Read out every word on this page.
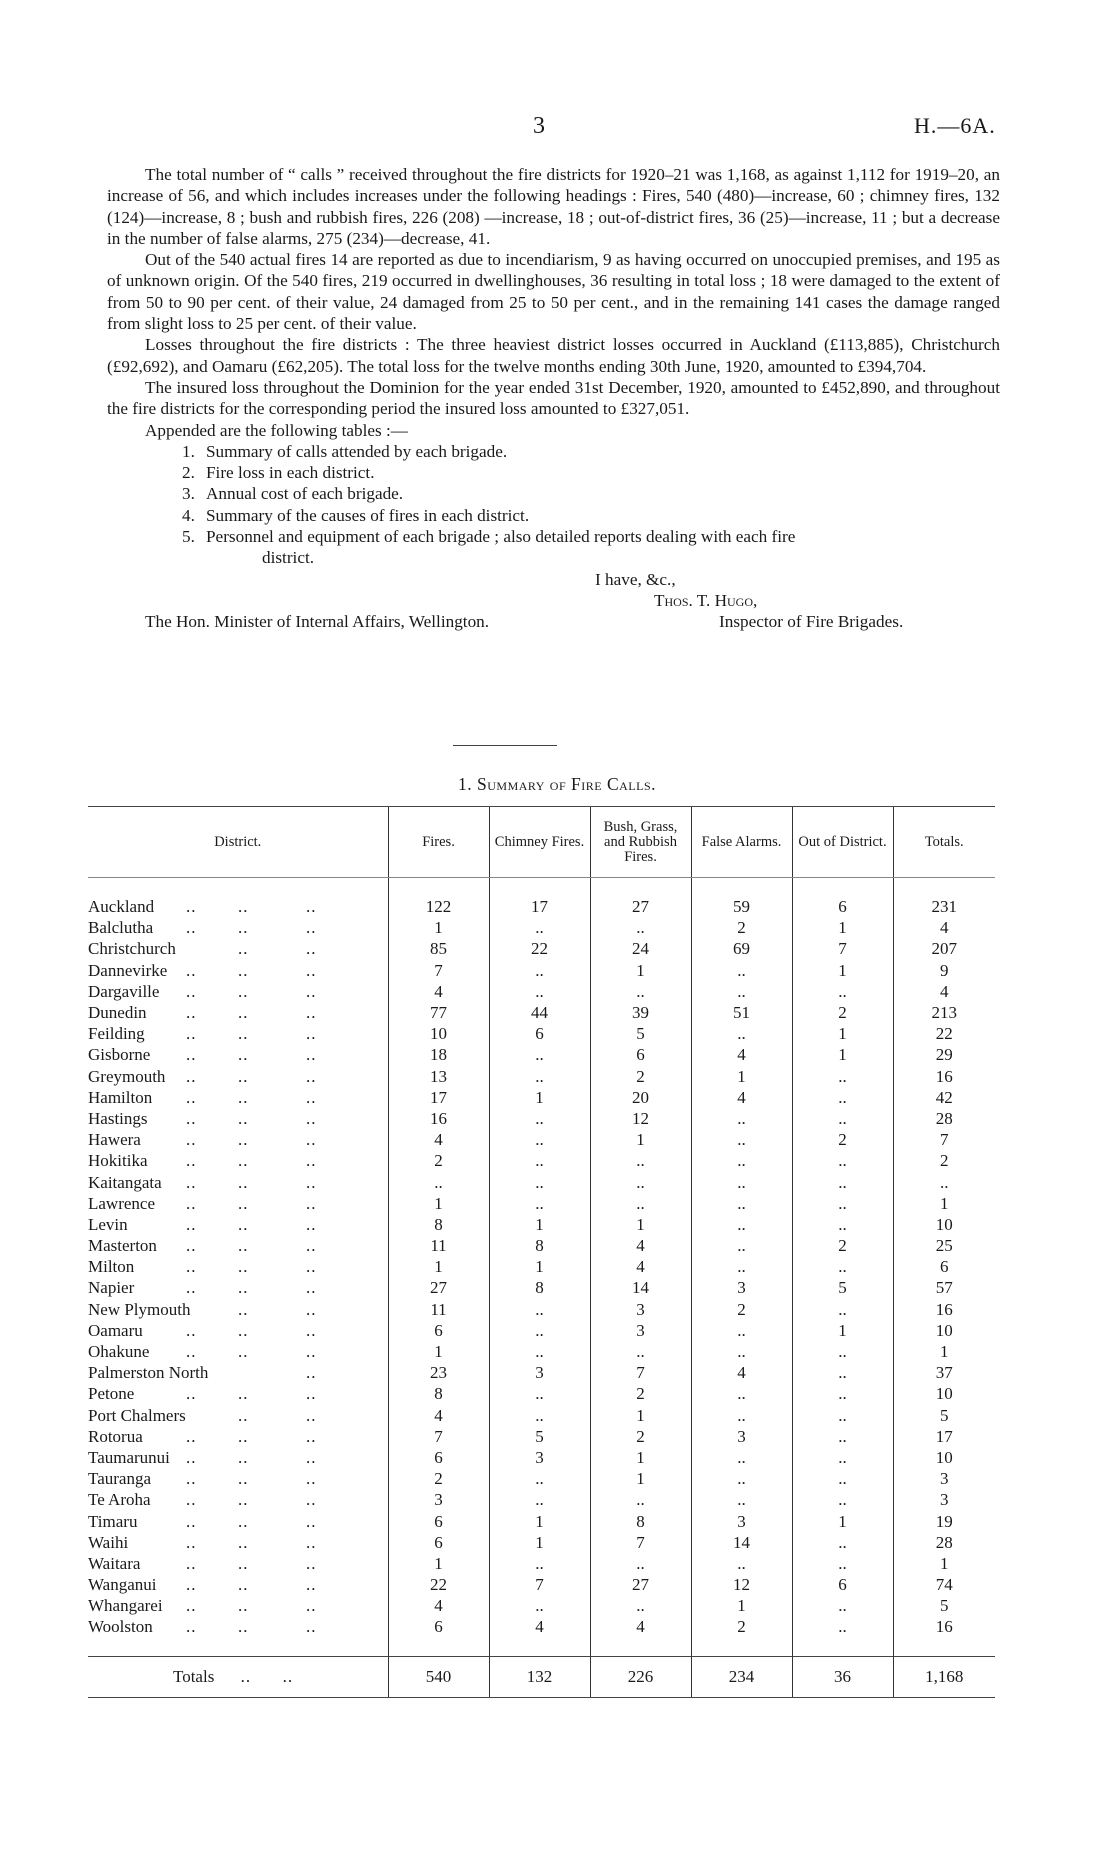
3	H.—6A.

The total number of “ calls ” received throughout the fire districts for 1920–21 was 1,168, as against 1,112 for 1919–20, an increase of 56, and which includes increases under the following headings : Fires, 540 (480)—increase, 60 ; chimney fires, 132 (124)—increase, 8 ; bush and rubbish fires, 226 (208) —increase, 18 ; out-of-district fires, 36 (25)—increase, 11 ; but a decrease in the number of false alarms, 275 (234)—decrease, 41.

Out of the 540 actual fires 14 are reported as due to incendiarism, 9 as having occurred on unoccupied premises, and 195 as of unknown origin. Of the 540 fires, 219 occurred in dwellinghouses, 36 resulting in total loss ; 18 were damaged to the extent of from 50 to 90 per cent. of their value, 24 damaged from 25 to 50 per cent., and in the remaining 141 cases the damage ranged from slight loss to 25 per cent. of their value.

Losses throughout the fire districts : The three heaviest district losses occurred in Auckland (£113,885), Christchurch (£92,692), and Oamaru (£62,205). The total loss for the twelve months ending 30th June, 1920, amounted to £394,704.

The insured loss throughout the Dominion for the year ended 31st December, 1920, amounted to £452,890, and throughout the fire districts for the corresponding period the insured loss amounted to £327,051.

Appended are the following tables :—

1. Summary of calls attended by each brigade.
2. Fire loss in each district.
3. Annual cost of each brigade.
4. Summary of the causes of fires in each district.
5. Personnel and equipment of each brigade ; also detailed reports dealing with each fire
district.
I have, &c.,
Thos. T. Hugo,
The Hon. Minister of Internal Affairs, Wellington.	Inspector of Fire Brigades.
1. Summary of Fire Calls.
District.	Fires.	Chimney Fires.	Bush, Grass, and Rubbish Fires.	False Alarms.	Out of District.	Totals.

Auckland .. .. ..	122	17	27	59	6	231
Balclutha .. .. ..	1	..	..	2	1	4
Christchurch .. ..	85	22	24	69	7	207
Dannevirke .. .. ..	7	..	1	..	1	9
Dargaville .. .. ..	4	..	..	..	..	4
Dunedin .. .. ..	77	44	39	51	2	213
Feilding .. .. ..	10	6	5	..	1	22
Gisborne .. .. ..	18	..	6	4	1	29
Greymouth .. .. ..	13	..	2	1	..	16
Hamilton .. .. ..	17	1	20	4	..	42
Hastings .. .. ..	16	..	12	..	..	28
Hawera .. .. ..	4	..	1	..	2	7
Hokitika .. .. ..	2	..	..	..	..	2
Kaitangata .. .. ..	..	..	..	..	..	..
Lawrence .. .. ..	1	..	..	..	..	1
Levin .. .. ..	8	1	1	..	..	10
Masterton .. .. ..	11	8	4	..	2	25
Milton .. .. ..	1	1	4	..	..	6
Napier .. .. ..	27	8	14	3	5	57
New Plymouth .. ..	11	..	3	2	..	16
Oamaru .. .. ..	6	..	3	..	1	10
Ohakune .. .. ..	1	..	..	..	..	1
Palmerston North ..	23	3	7	4	..	37
Petone .. .. ..	8	..	2	..	..	10
Port Chalmers .. ..	4	..	1	..	..	5
Rotorua .. .. ..	7	5	2	3	..	17
Taumarunui .. .. ..	6	3	1	..	..	10
Tauranga .. .. ..	2	..	1	..	..	3
Te Aroha .. .. ..	3	..	..	..	..	3
Timaru .. .. ..	6	1	8	3	1	19
Waihi .. .. ..	6	1	7	14	..	28
Waitara .. .. ..	1	..	..	..	..	1
Wanganui .. .. ..	22	7	27	12	6	74
Whangarei .. .. ..	4	..	..	1	..	5
Woolston .. .. ..	6	4	4	2	..	16

Totals     ..      ..	540	132	226	234	36	1,168
